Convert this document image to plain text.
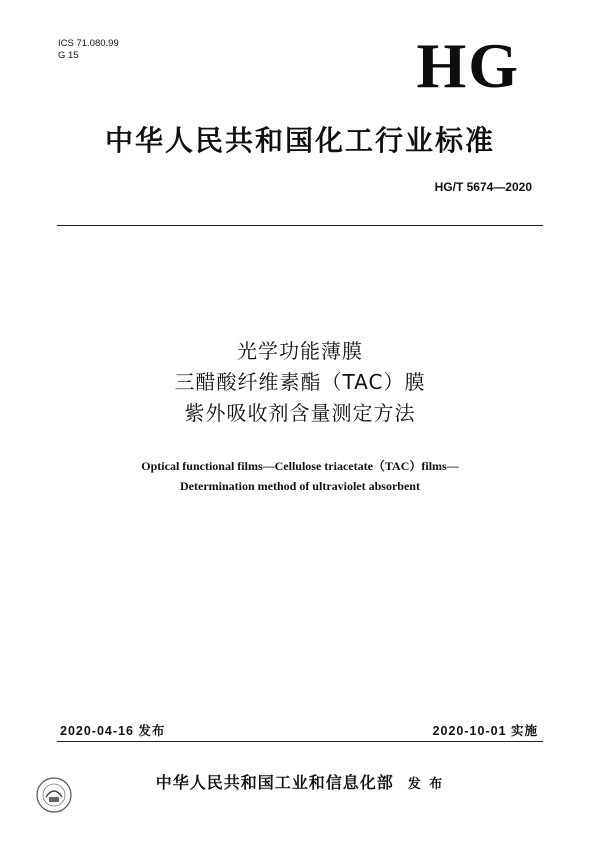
ICS 71.080.99
G 15	HG
中华人民共和国化工行业标准
HG/T 5674—2020
光学功能薄膜
三醋酸纤维素酯（TAC）膜
紫外吸收剂含量测定方法
Optical functional films—Cellulose triacetate（TAC）films—
Determination method of ultraviolet absorbent
2020-04-16 发布	2020-10-01 实施
中华人民共和国工业和信息化部 发 布
